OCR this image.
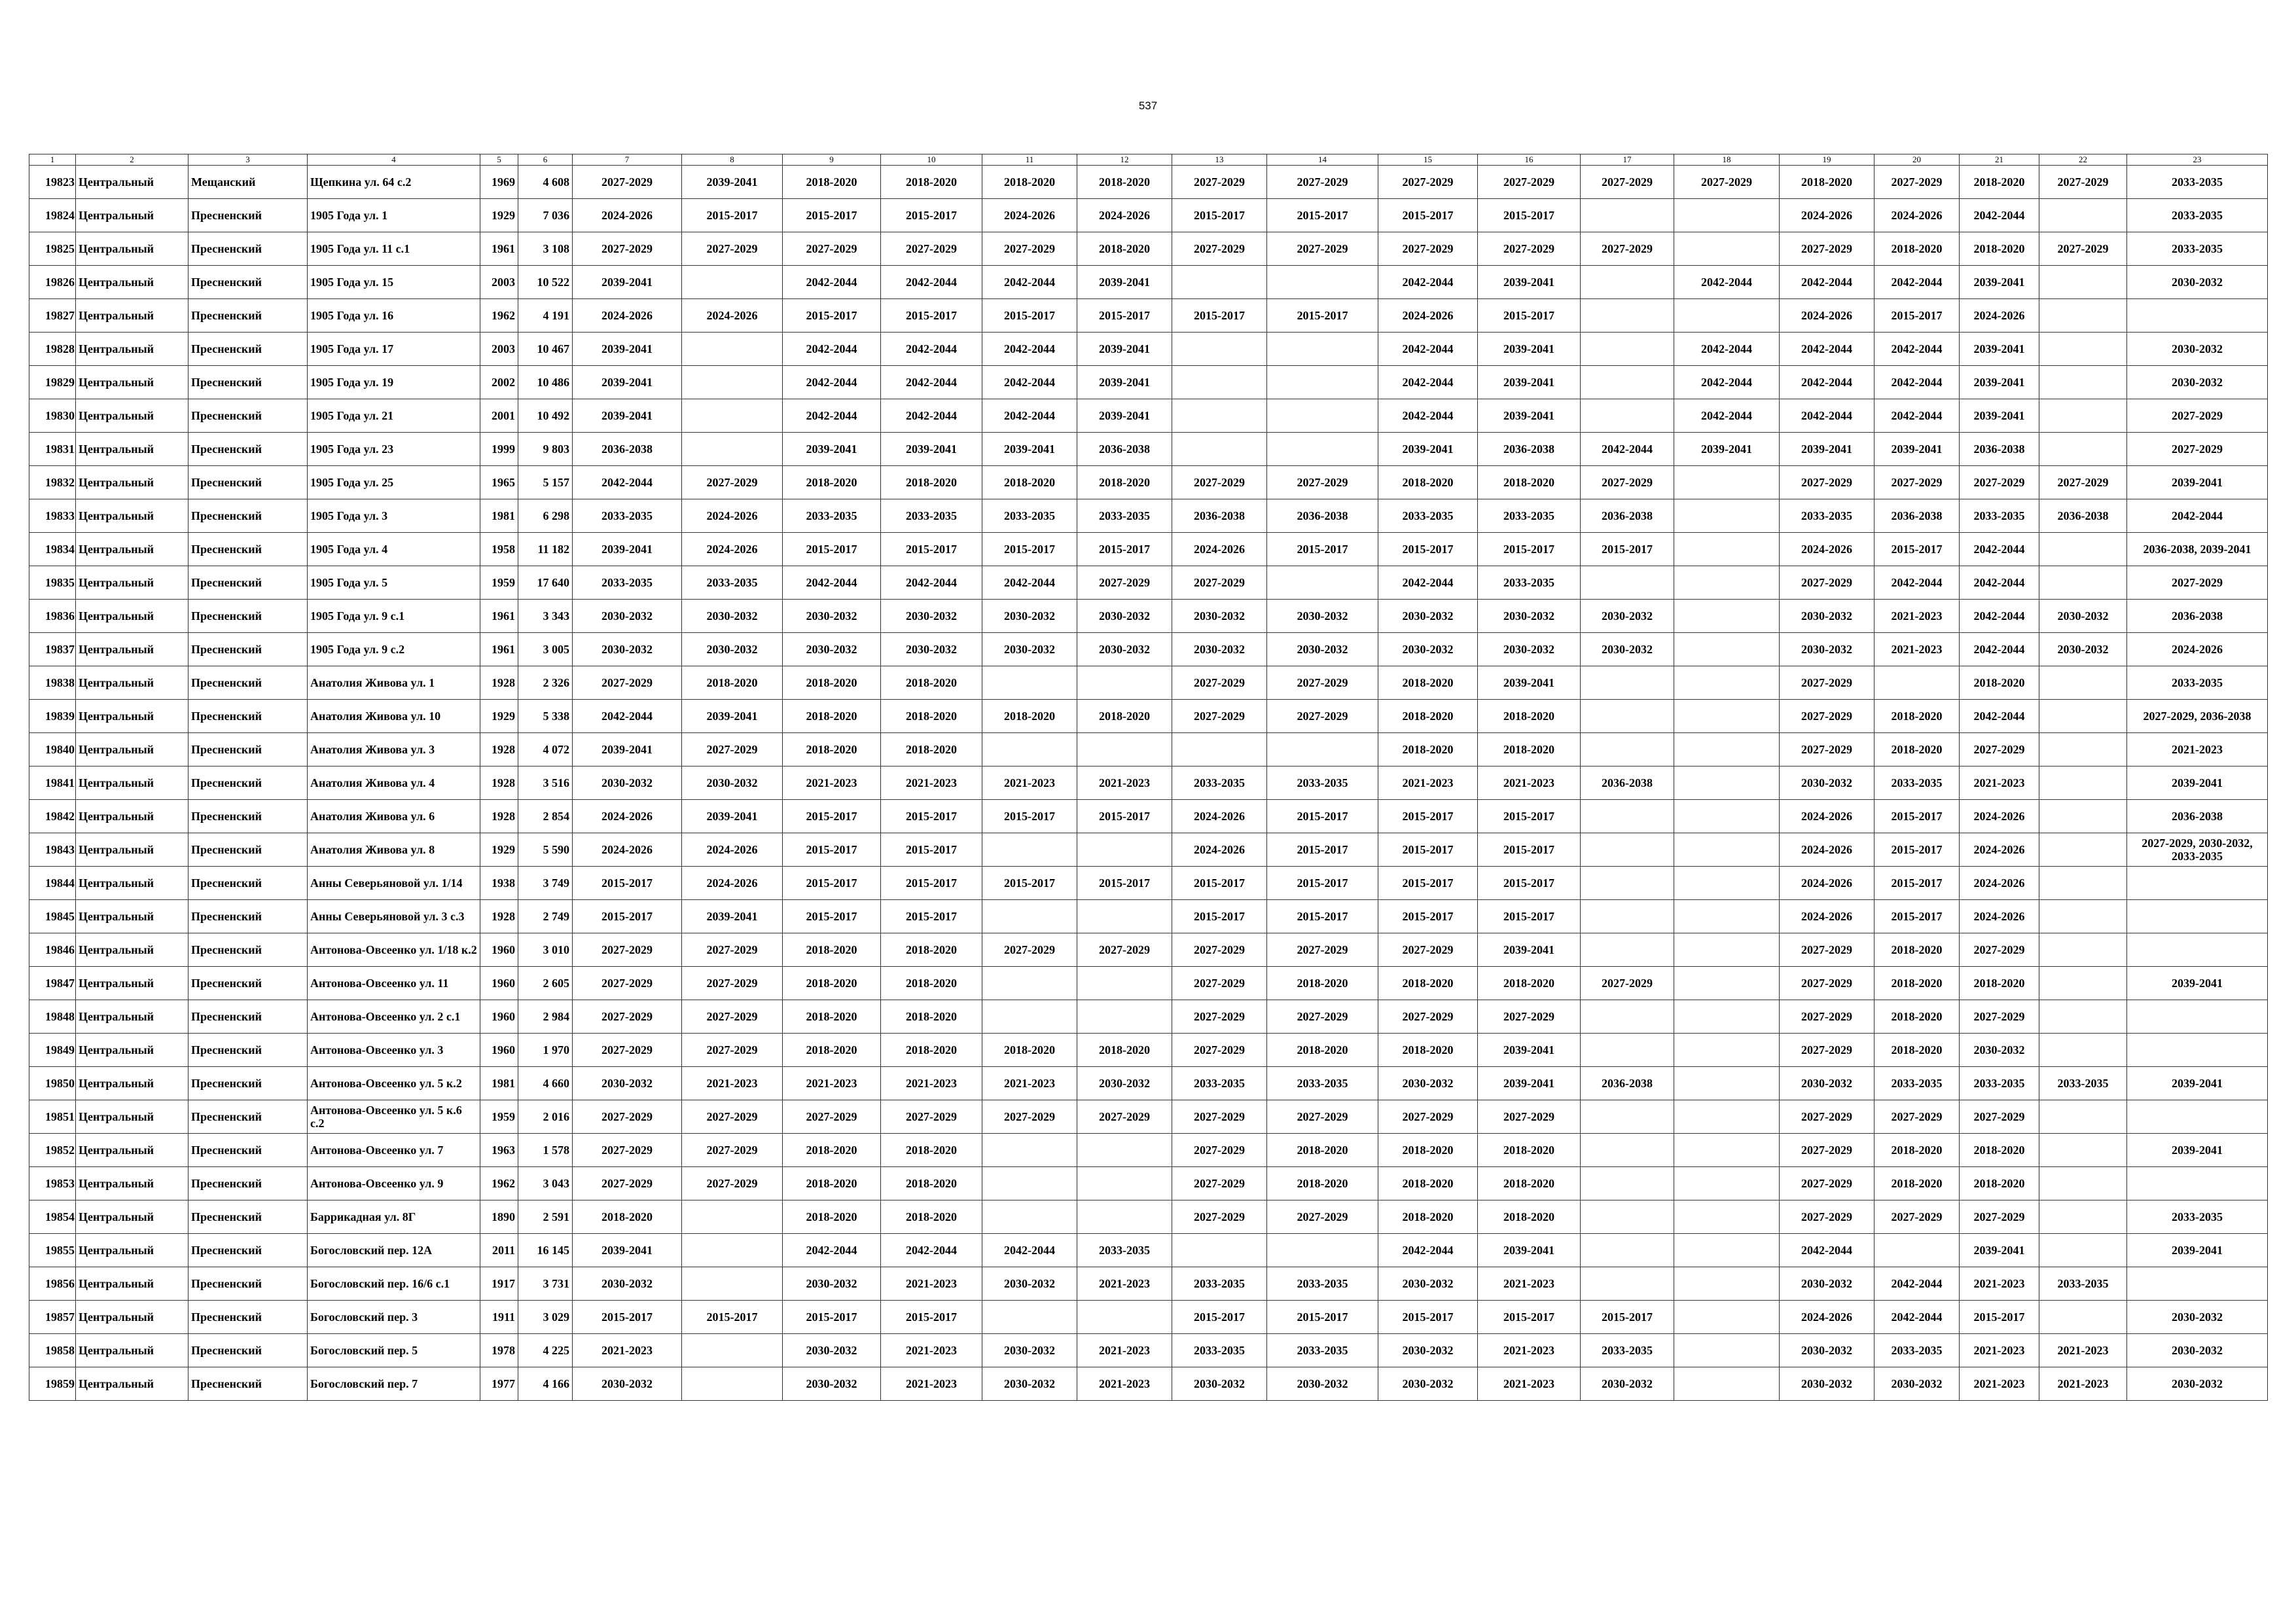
537
1	2	3	4	5	6	7	8	9	10	11	12	13	14	15	16	17	18	19	20	21	22	23
19823	Центральный	Мещанский	Щепкина ул. 64 с.2	1969	4 608	2027-2029	2039-2041	2018-2020	2018-2020	2018-2020	2018-2020	2027-2029	2027-2029	2027-2029	2027-2029	2027-2029	2027-2029	2018-2020	2027-2029	2018-2020	2027-2029	2033-2035
19824	Центральный	Пресненский	1905 Года ул. 1	1929	7 036	2024-2026	2015-2017	2015-2017	2015-2017	2024-2026	2024-2026	2015-2017	2015-2017	2015-2017	2015-2017			2024-2026	2024-2026	2042-2044		2033-2035
19825	Центральный	Пресненский	1905 Года ул. 11 с.1	1961	3 108	2027-2029	2027-2029	2027-2029	2027-2029	2027-2029	2018-2020	2027-2029	2027-2029	2027-2029	2027-2029	2027-2029		2027-2029	2018-2020	2018-2020	2027-2029	2033-2035
19826	Центральный	Пресненский	1905 Года ул. 15	2003	10 522	2039-2041		2042-2044	2042-2044	2042-2044	2039-2041			2042-2044	2039-2041		2042-2044	2042-2044	2042-2044	2039-2041		2030-2032
19827	Центральный	Пресненский	1905 Года ул. 16	1962	4 191	2024-2026	2024-2026	2015-2017	2015-2017	2015-2017	2015-2017	2015-2017	2015-2017	2024-2026	2015-2017			2024-2026	2015-2017	2024-2026		
19828	Центральный	Пресненский	1905 Года ул. 17	2003	10 467	2039-2041		2042-2044	2042-2044	2042-2044	2039-2041			2042-2044	2039-2041		2042-2044	2042-2044	2042-2044	2039-2041		2030-2032
19829	Центральный	Пресненский	1905 Года ул. 19	2002	10 486	2039-2041		2042-2044	2042-2044	2042-2044	2039-2041			2042-2044	2039-2041		2042-2044	2042-2044	2042-2044	2039-2041		2030-2032
19830	Центральный	Пресненский	1905 Года ул. 21	2001	10 492	2039-2041		2042-2044	2042-2044	2042-2044	2039-2041			2042-2044	2039-2041		2042-2044	2042-2044	2042-2044	2039-2041		2027-2029
19831	Центральный	Пресненский	1905 Года ул. 23	1999	9 803	2036-2038		2039-2041	2039-2041	2039-2041	2036-2038			2039-2041	2036-2038	2042-2044	2039-2041	2039-2041	2039-2041	2036-2038		2027-2029
19832	Центральный	Пресненский	1905 Года ул. 25	1965	5 157	2042-2044	2027-2029	2018-2020	2018-2020	2018-2020	2018-2020	2027-2029	2027-2029	2018-2020	2018-2020	2027-2029		2027-2029	2027-2029	2027-2029	2027-2029	2039-2041
19833	Центральный	Пресненский	1905 Года ул. 3	1981	6 298	2033-2035	2024-2026	2033-2035	2033-2035	2033-2035	2033-2035	2036-2038	2036-2038	2033-2035	2033-2035	2036-2038		2033-2035	2036-2038	2033-2035	2036-2038	2042-2044
19834	Центральный	Пресненский	1905 Года ул. 4	1958	11 182	2039-2041	2024-2026	2015-2017	2015-2017	2015-2017	2015-2017	2024-2026	2015-2017	2015-2017	2015-2017	2015-2017		2024-2026	2015-2017	2042-2044		2036-2038, 2039-2041
19835	Центральный	Пресненский	1905 Года ул. 5	1959	17 640	2033-2035	2033-2035	2042-2044	2042-2044	2042-2044	2027-2029	2027-2029		2042-2044	2033-2035			2027-2029	2042-2044	2042-2044		2027-2029
19836	Центральный	Пресненский	1905 Года ул. 9 с.1	1961	3 343	2030-2032	2030-2032	2030-2032	2030-2032	2030-2032	2030-2032	2030-2032	2030-2032	2030-2032	2030-2032	2030-2032		2030-2032	2021-2023	2042-2044	2030-2032	2036-2038
19837	Центральный	Пресненский	1905 Года ул. 9 с.2	1961	3 005	2030-2032	2030-2032	2030-2032	2030-2032	2030-2032	2030-2032	2030-2032	2030-2032	2030-2032	2030-2032	2030-2032		2030-2032	2021-2023	2042-2044	2030-2032	2024-2026
19838	Центральный	Пресненский	Анатолия Живова ул. 1	1928	2 326	2027-2029	2018-2020	2018-2020	2018-2020			2027-2029	2027-2029	2018-2020	2039-2041			2027-2029		2018-2020		2033-2035
19839	Центральный	Пресненский	Анатолия Живова ул. 10	1929	5 338	2042-2044	2039-2041	2018-2020	2018-2020	2018-2020	2018-2020	2027-2029	2027-2029	2018-2020	2018-2020			2027-2029	2018-2020	2042-2044		2027-2029, 2036-2038
19840	Центральный	Пресненский	Анатолия Живова ул. 3	1928	4 072	2039-2041	2027-2029	2018-2020	2018-2020					2018-2020	2018-2020			2027-2029	2018-2020	2027-2029		2021-2023
19841	Центральный	Пресненский	Анатолия Живова ул. 4	1928	3 516	2030-2032	2030-2032	2021-2023	2021-2023	2021-2023	2021-2023	2033-2035	2033-2035	2021-2023	2021-2023	2036-2038		2030-2032	2033-2035	2021-2023		2039-2041
19842	Центральный	Пресненский	Анатолия Живова ул. 6	1928	2 854	2024-2026	2039-2041	2015-2017	2015-2017	2015-2017	2015-2017	2024-2026	2015-2017	2015-2017	2015-2017			2024-2026	2015-2017	2024-2026		2036-2038
19843	Центральный	Пресненский	Анатолия Живова ул. 8	1929	5 590	2024-2026	2024-2026	2015-2017	2015-2017			2024-2026	2015-2017	2015-2017	2015-2017			2024-2026	2015-2017	2024-2026		2027-2029, 2030-2032, 2033-2035
19844	Центральный	Пресненский	Анны Северьяновой ул. 1/14	1938	3 749	2015-2017	2024-2026	2015-2017	2015-2017	2015-2017	2015-2017	2015-2017	2015-2017	2015-2017	2015-2017			2024-2026	2015-2017	2024-2026		
19845	Центральный	Пресненский	Анны Северьяновой ул. 3 с.3	1928	2 749	2015-2017	2039-2041	2015-2017	2015-2017			2015-2017	2015-2017	2015-2017	2015-2017			2024-2026	2015-2017	2024-2026		
19846	Центральный	Пресненский	Антонова-Овсеенко ул. 1/18 к.2	1960	3 010	2027-2029	2027-2029	2018-2020	2018-2020	2027-2029	2027-2029	2027-2029	2027-2029	2027-2029	2039-2041			2027-2029	2018-2020	2027-2029		
19847	Центральный	Пресненский	Антонова-Овсеенко ул. 11	1960	2 605	2027-2029	2027-2029	2018-2020	2018-2020			2027-2029	2018-2020	2018-2020	2018-2020	2027-2029		2027-2029	2018-2020	2018-2020		2039-2041
19848	Центральный	Пресненский	Антонова-Овсеенко ул. 2 с.1	1960	2 984	2027-2029	2027-2029	2018-2020	2018-2020			2027-2029	2027-2029	2027-2029	2027-2029			2027-2029	2018-2020	2027-2029		
19849	Центральный	Пресненский	Антонова-Овсеенко ул. 3	1960	1 970	2027-2029	2027-2029	2018-2020	2018-2020	2018-2020	2018-2020	2027-2029	2018-2020	2018-2020	2039-2041			2027-2029	2018-2020	2030-2032		
19850	Центральный	Пресненский	Антонова-Овсеенко ул. 5 к.2	1981	4 660	2030-2032	2021-2023	2021-2023	2021-2023	2021-2023	2030-2032	2033-2035	2033-2035	2030-2032	2039-2041	2036-2038		2030-2032	2033-2035	2033-2035	2033-2035	2039-2041
19851	Центральный	Пресненский	Антонова-Овсеенко ул. 5 к.6 с.2	1959	2 016	2027-2029	2027-2029	2027-2029	2027-2029	2027-2029	2027-2029	2027-2029	2027-2029	2027-2029	2027-2029			2027-2029	2027-2029	2027-2029		
19852	Центральный	Пресненский	Антонова-Овсеенко ул. 7	1963	1 578	2027-2029	2027-2029	2018-2020	2018-2020			2027-2029	2018-2020	2018-2020	2018-2020			2027-2029	2018-2020	2018-2020		2039-2041
19853	Центральный	Пресненский	Антонова-Овсеенко ул. 9	1962	3 043	2027-2029	2027-2029	2018-2020	2018-2020			2027-2029	2018-2020	2018-2020	2018-2020			2027-2029	2018-2020	2018-2020		
19854	Центральный	Пресненский	Баррикадная ул. 8Г	1890	2 591	2018-2020		2018-2020	2018-2020			2027-2029	2027-2029	2018-2020	2018-2020			2027-2029	2027-2029	2027-2029		2033-2035
19855	Центральный	Пресненский	Богословский пер. 12А	2011	16 145	2039-2041		2042-2044	2042-2044	2042-2044	2033-2035			2042-2044	2039-2041			2042-2044		2039-2041		2039-2041
19856	Центральный	Пресненский	Богословский пер. 16/6 с.1	1917	3 731	2030-2032		2030-2032	2021-2023	2030-2032	2021-2023	2033-2035	2033-2035	2030-2032	2021-2023			2030-2032	2042-2044	2021-2023	2033-2035	
19857	Центральный	Пресненский	Богословский пер. 3	1911	3 029	2015-2017	2015-2017	2015-2017	2015-2017			2015-2017	2015-2017	2015-2017	2015-2017	2015-2017		2024-2026	2042-2044	2015-2017		2030-2032
19858	Центральный	Пресненский	Богословский пер. 5	1978	4 225	2021-2023		2030-2032	2021-2023	2030-2032	2021-2023	2033-2035	2033-2035	2030-2032	2021-2023	2033-2035		2030-2032	2033-2035	2021-2023	2021-2023	2030-2032
19859	Центральный	Пресненский	Богословский пер. 7	1977	4 166	2030-2032		2030-2032	2021-2023	2030-2032	2021-2023	2030-2032	2030-2032	2030-2032	2021-2023	2030-2032		2030-2032	2030-2032	2021-2023	2021-2023	2030-2032
